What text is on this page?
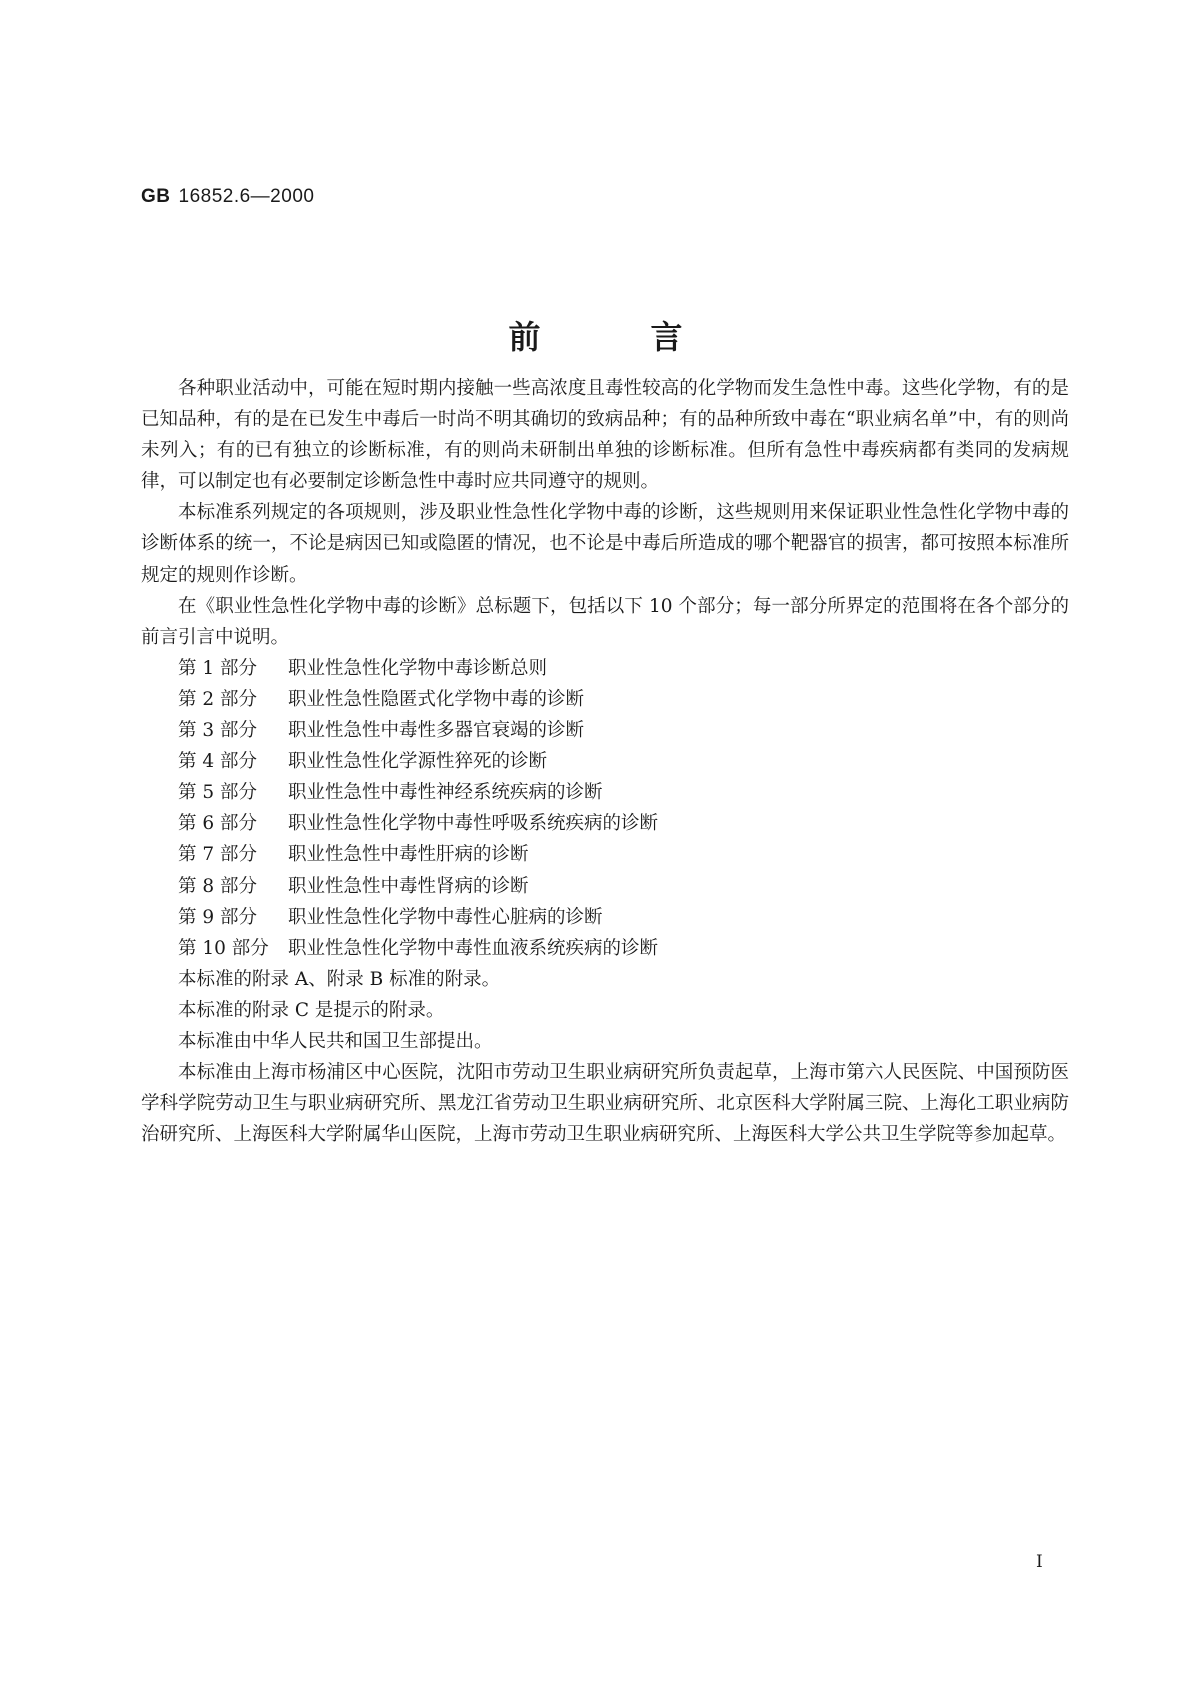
GB 16852.6—2000
前言

各种职业活动中，可能在短时期内接触一些高浓度且毒性较高的化学物而发生急性中毒。这些化学物，有的是已知品种，有的是在已发生中毒后一时尚不明其确切的致病品种；有的品种所致中毒在“职业病名单”中，有的则尚未列入；有的已有独立的诊断标准，有的则尚未研制出单独的诊断标准。但所有急性中毒疾病都有类同的发病规律，可以制定也有必要制定诊断急性中毒时应共同遵守的规则。

本标准系列规定的各项规则，涉及职业性急性化学物中毒的诊断，这些规则用来保证职业性急性化学物中毒的诊断体系的统一，不论是病因已知或隐匿的情况，也不论是中毒后所造成的哪个靶器官的损害，都可按照本标准所规定的规则作诊断。

在《职业性急性化学物中毒的诊断》总标题下，包括以下 10 个部分；每一部分所界定的范围将在各个部分的前言引言中说明。

第 1 部分 职业性急性化学物中毒诊断总则
第 2 部分 职业性急性隐匿式化学物中毒的诊断
第 3 部分 职业性急性中毒性多器官衰竭的诊断
第 4 部分 职业性急性化学源性猝死的诊断
第 5 部分 职业性急性中毒性神经系统疾病的诊断
第 6 部分 职业性急性化学物中毒性呼吸系统疾病的诊断
第 7 部分 职业性急性中毒性肝病的诊断
第 8 部分 职业性急性中毒性肾病的诊断
第 9 部分 职业性急性化学物中毒性心脏病的诊断
第 10 部分 职业性急性化学物中毒性血液系统疾病的诊断

本标准的附录 A、附录 B 标准的附录。

本标准的附录 C 是提示的附录。

本标准由中华人民共和国卫生部提出。

本标准由上海市杨浦区中心医院，沈阳市劳动卫生职业病研究所负责起草，上海市第六人民医院、中国预防医学科学院劳动卫生与职业病研究所、黑龙江省劳动卫生职业病研究所、北京医科大学附属三院、上海化工职业病防治研究所、上海医科大学附属华山医院，上海市劳动卫生职业病研究所、上海医科大学公共卫生学院等参加起草。

I
